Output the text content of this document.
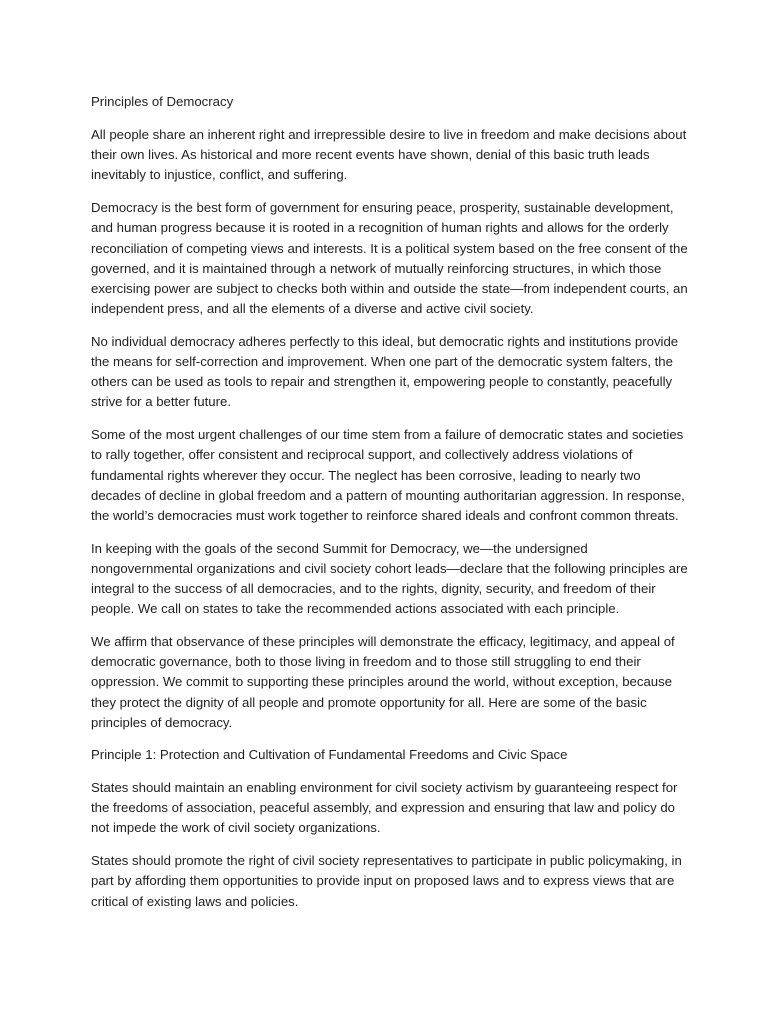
Principles of Democracy

All people share an inherent right and irrepressible desire to live in freedom and make decisions about their own lives. As historical and more recent events have shown, denial of this basic truth leads inevitably to injustice, conflict, and suffering.

Democracy is the best form of government for ensuring peace, prosperity, sustainable development, and human progress because it is rooted in a recognition of human rights and allows for the orderly reconciliation of competing views and interests. It is a political system based on the free consent of the governed, and it is maintained through a network of mutually reinforcing structures, in which those exercising power are subject to checks both within and outside the state—from independent courts, an independent press, and all the elements of a diverse and active civil society.

No individual democracy adheres perfectly to this ideal, but democratic rights and institutions provide the means for self-correction and improvement. When one part of the democratic system falters, the others can be used as tools to repair and strengthen it, empowering people to constantly, peacefully strive for a better future.

Some of the most urgent challenges of our time stem from a failure of democratic states and societies to rally together, offer consistent and reciprocal support, and collectively address violations of fundamental rights wherever they occur. The neglect has been corrosive, leading to nearly two decades of decline in global freedom and a pattern of mounting authoritarian aggression. In response, the world’s democracies must work together to reinforce shared ideals and confront common threats.

In keeping with the goals of the second Summit for Democracy, we—the undersigned nongovernmental organizations and civil society cohort leads—declare that the following principles are integral to the success of all democracies, and to the rights, dignity, security, and freedom of their people. We call on states to take the recommended actions associated with each principle.

We affirm that observance of these principles will demonstrate the efficacy, legitimacy, and appeal of democratic governance, both to those living in freedom and to those still struggling to end their oppression. We commit to supporting these principles around the world, without exception, because they protect the dignity of all people and promote opportunity for all. Here are some of the basic principles of democracy.

Principle 1: Protection and Cultivation of Fundamental Freedoms and Civic Space

States should maintain an enabling environment for civil society activism by guaranteeing respect for the freedoms of association, peaceful assembly, and expression and ensuring that law and policy do not impede the work of civil society organizations.

States should promote the right of civil society representatives to participate in public policymaking, in part by affording them opportunities to provide input on proposed laws and to express views that are critical of existing laws and policies.
